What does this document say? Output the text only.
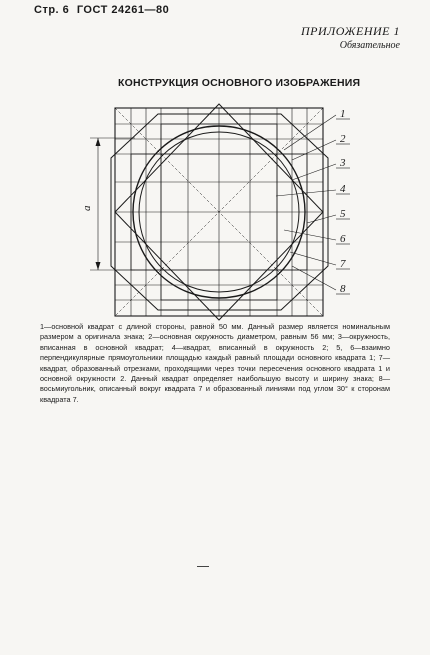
Стр. 6 ГОСТ 24261—80
ПРИЛОЖЕНИЕ 1
Обязательное
КОНСТРУКЦИЯ ОСНОВНОГО ИЗОБРАЖЕНИЯ
a
1
2
3
4
5
6
7
8

1—основной квадрат с длиной стороны, равной 50 мм. Данный размер является номинальным размером а оригинала знака; 2—основная окружность диаметром, равным 56 мм; 3—окружность, вписанная в основной квадрат; 4—квадрат, вписанный в окружность 2; 5, 6—взаимно перпендикулярные прямоугольники площадью каждый равный площади основного квадрата 1; 7—квадрат, образованный отрезками, проходящими через точки пересечения основного квадрата 1 и основной окружности 2. Данный квадрат определяет наибольшую высоту и ширину знака; 8—восьмиугольник, описанный вокруг квадрата 7 и образованный линиями под углом 30° к сторонам квадрата 7.
